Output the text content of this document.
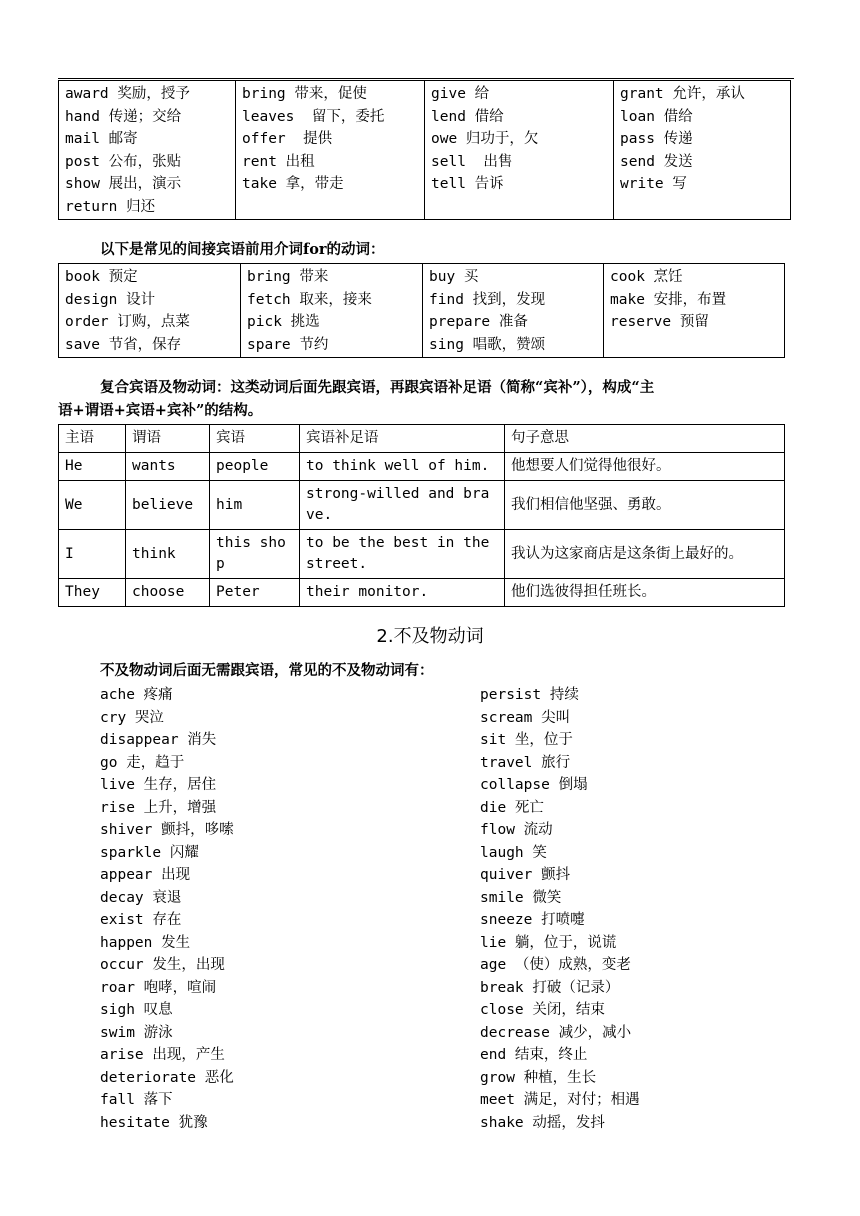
award 奖励，授予
hand 传递；交给
mail 邮寄
post 公布，张贴
show 展出，演示
return 归还

bring 带来，促使
leaves  留下，委托
offer  提供
rent 出租
take 拿，带走

give 给
lend 借给
owe 归功于，欠
sell  出售
tell 告诉

grant 允许，承认
loan 借给
pass 传递
send 发送
write 写
以下是常见的间接宾语前用介词for的动词：
book 预定
design 设计
order 订购，点菜
save 节省，保存

bring 带来
fetch 取来，接来
pick 挑选
spare 节约

buy 买
find 找到，发现
prepare 准备
sing 唱歌，赞颂

cook 烹饪
make 安排，布置
reserve 预留
复合宾语及物动词：这类动词后面先跟宾语，再跟宾语补足语（简称“宾补”），构成“主
语+谓语+宾语+宾补”的结构。
主语	谓语	宾语	宾语补足语	句子意思
He	wants	people	to think well of him.	他想要人们觉得他很好。
We	believe	him	strong-willed and brave.	我们相信他坚强、勇敢。
I	think	this shop	to be the best in the street.	我认为这家商店是这条街上最好的。
They	choose	Peter	their monitor.	他们选彼得担任班长。
2.不及物动词
不及物动词后面无需跟宾语，常见的不及物动词有：
ache 疼痛
cry 哭泣
disappear 消失
go 走，趋于
live 生存，居住
rise 上升，增强
shiver 颤抖，哆嗦
sparkle 闪耀
appear 出现
decay 衰退
exist 存在
happen 发生
occur 发生，出现
roar 咆哮，喧闹
sigh 叹息
swim 游泳
arise 出现，产生
deteriorate 恶化
fall 落下
hesitate 犹豫
persist 持续
scream 尖叫
sit 坐，位于
travel 旅行
collapse 倒塌
die 死亡
flow 流动
laugh 笑
quiver 颤抖
smile 微笑
sneeze 打喷嚏
lie 躺，位于，说谎
age （使）成熟，变老
break 打破（记录）
close 关闭，结束
decrease 减少，减小
end 结束，终止
grow 种植，生长
meet 满足，对付；相遇
shake 动摇，发抖
